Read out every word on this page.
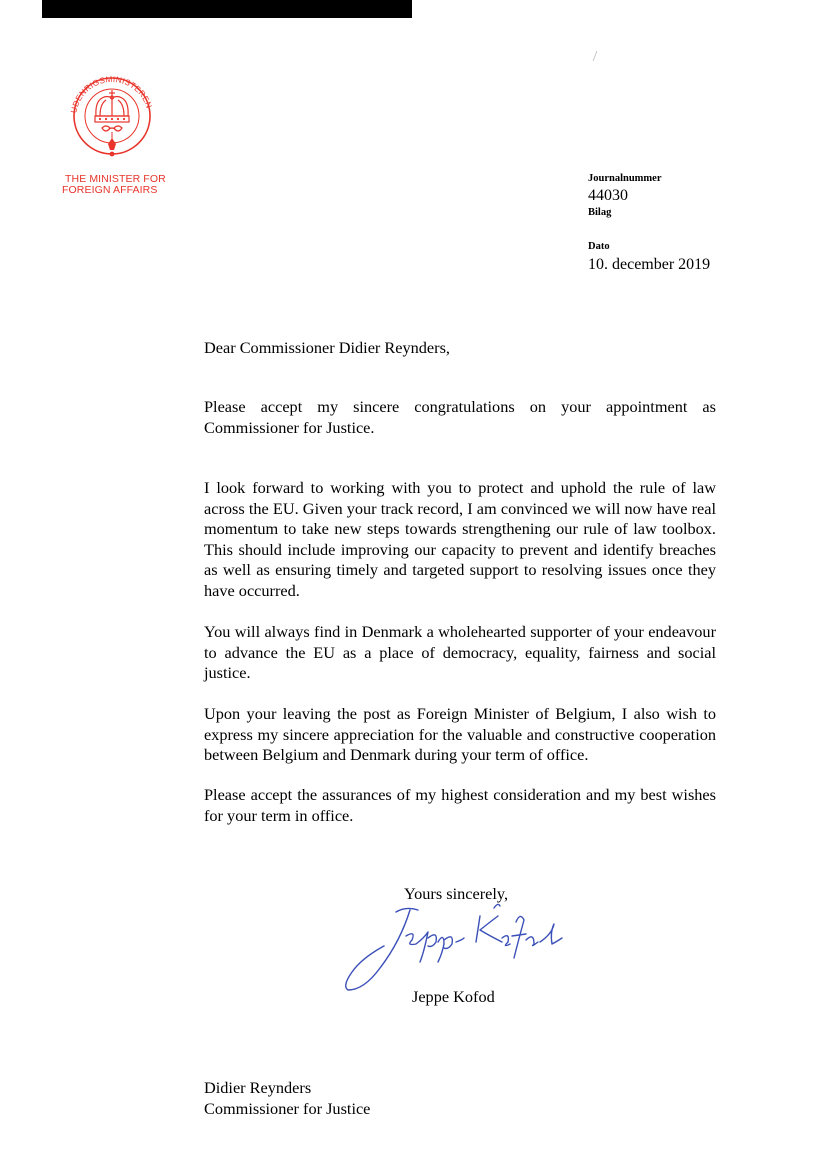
UDENRIGSMINISTEREN
THE MINISTER FOR
FOREIGN AFFAIRS
Journalnummer
44030
Bilag
Dato
10. december 2019
Dear Commissioner Didier Reynders,

Please accept my sincere congratulations on your appointment as Commissioner for Justice.

I look forward to working with you to protect and uphold the rule of law across the EU. Given your track record, I am convinced we will now have real momentum to take new steps towards strengthening our rule of law toolbox. This should include improving our capacity to prevent and identify breaches as well as ensuring timely and targeted support to resolving issues once they have occurred.

You will always find in Denmark a wholehearted supporter of your endeavour to advance the EU as a place of democracy, equality, fairness and social justice.

Upon your leaving the post as Foreign Minister of Belgium, I also wish to express my sincere appreciation for the valuable and constructive cooperation between Belgium and Denmark during your term of office.

Please accept the assurances of my highest consideration and my best wishes for your term in office.

Yours sincerely,
Jeppe Kofod
Didier Reynders
Commissioner for Justice
